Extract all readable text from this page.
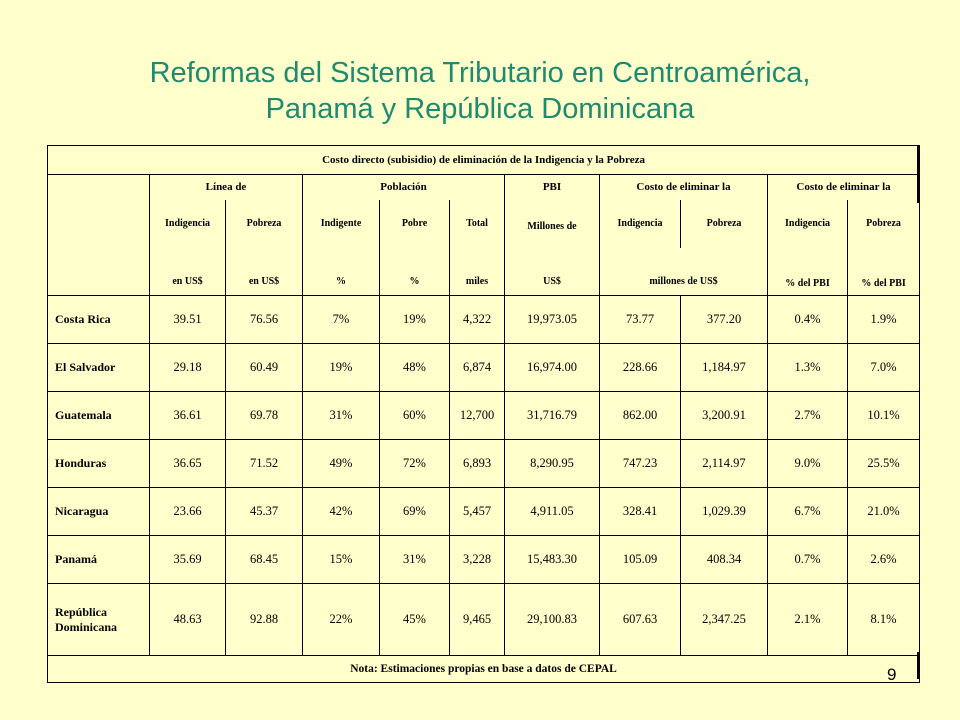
Reformas del Sistema Tributario en Centroamérica,
Panamá y República Dominicana
Costo directo (subisidio) de eliminación de la Indigencia y la Pobreza										
	Línea de		Población			PBI	Costo de eliminar la		Costo de eliminar la	
	Indigencia	Pobreza	Indigente	Pobre	Total	Millones de	Indigencia	Pobreza	Indigencia	Pobreza
	en US$	en US$	%	%	miles	US$	millones de US$		% del PBI	% del PBI
Costa Rica	39.51	76.56	7%	19%	4,322	19,973.05	73.77	377.20	0.4%	1.9%
El Salvador	29.18	60.49	19%	48%	6,874	16,974.00	228.66	1,184.97	1.3%	7.0%
Guatemala	36.61	69.78	31%	60%	12,700	31,716.79	862.00	3,200.91	2.7%	10.1%
Honduras	36.65	71.52	49%	72%	6,893	8,290.95	747.23	2,114.97	9.0%	25.5%
Nicaragua	23.66	45.37	42%	69%	5,457	4,911.05	328.41	1,029.39	6.7%	21.0%
Panamá	35.69	68.45	15%	31%	3,228	15,483.30	105.09	408.34	0.7%	2.6%
República Dominicana	48.63	92.88	22%	45%	9,465	29,100.83	607.63	2,347.25	2.1%	8.1%
Nota: Estimaciones propias en base a datos de CEPAL											9
